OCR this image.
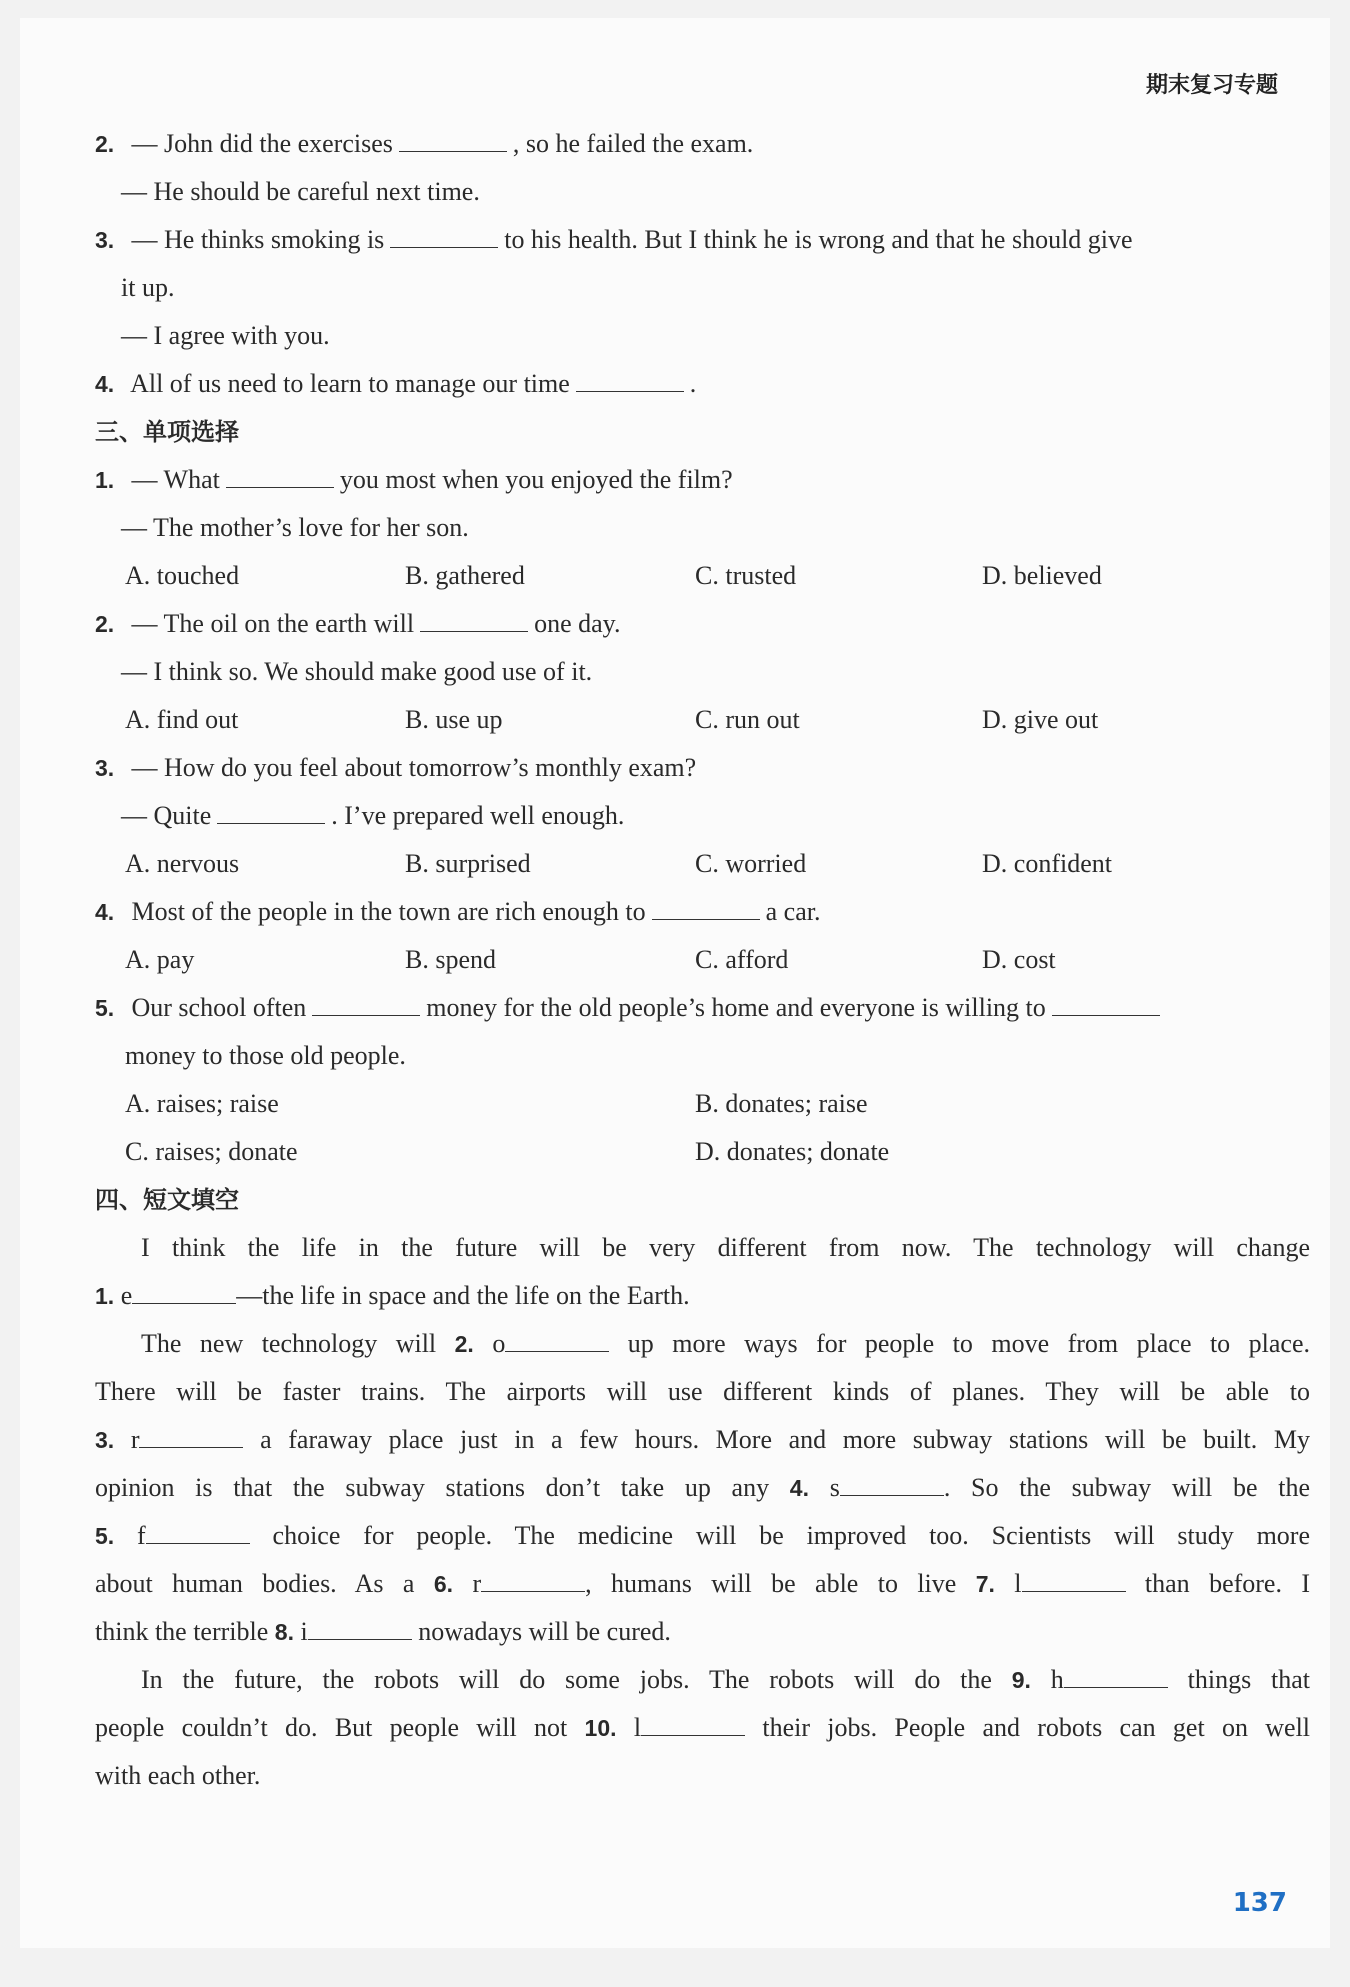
期末复习专题
2. — John did the exercises	, so he failed the exam.
— He should be careful next time.
3. — He thinks smoking is	to his health. But I think he is wrong and that he should give
it up.
— I agree with you.
4. All of us need to learn to manage our time	.
三、单项选择
1. — What	you most when you enjoyed the film?
— The mother’s love for her son.
A. touched	B. gathered	C. trusted	D. believed
2. — The oil on the earth will	one day.
— I think so. We should make good use of it.
A. find out	B. use up	C. run out	D. give out
3. — How do you feel about tomorrow’s monthly exam?
— Quite	. I’ve prepared well enough.
A. nervous	B. surprised	C. worried	D. confident
4. Most of the people in the town are rich enough to	a car.
A. pay	B. spend	C. afford	D. cost
5. Our school often	money for the old people’s home and everyone is willing to
money to those old people.
A. raises; raise	B. donates; raise
C. raises; donate	D. donates; donate
四、短文填空
I think the life in the future will be very different from now. The technology will change
1. e	—the life in space and the life on the Earth.
The new technology will 2. o	up more ways for people to move from place to place.
There will be faster trains. The airports will use different kinds of planes. They will be able to
3. r	a faraway place just in a few hours. More and more subway stations will be built. My
opinion is that the subway stations don’t take up any 4. s	. So the subway will be the
5. f	choice for people. The medicine will be improved too. Scientists will study more
about human bodies. As a 6. r	, humans will be able to live 7. l	than before. I
think the terrible 8. i	nowadays will be cured.
In the future, the robots will do some jobs. The robots will do the 9. h	things that
people couldn’t do. But people will not 10. l	their jobs. People and robots can get on well
with each other.
137
